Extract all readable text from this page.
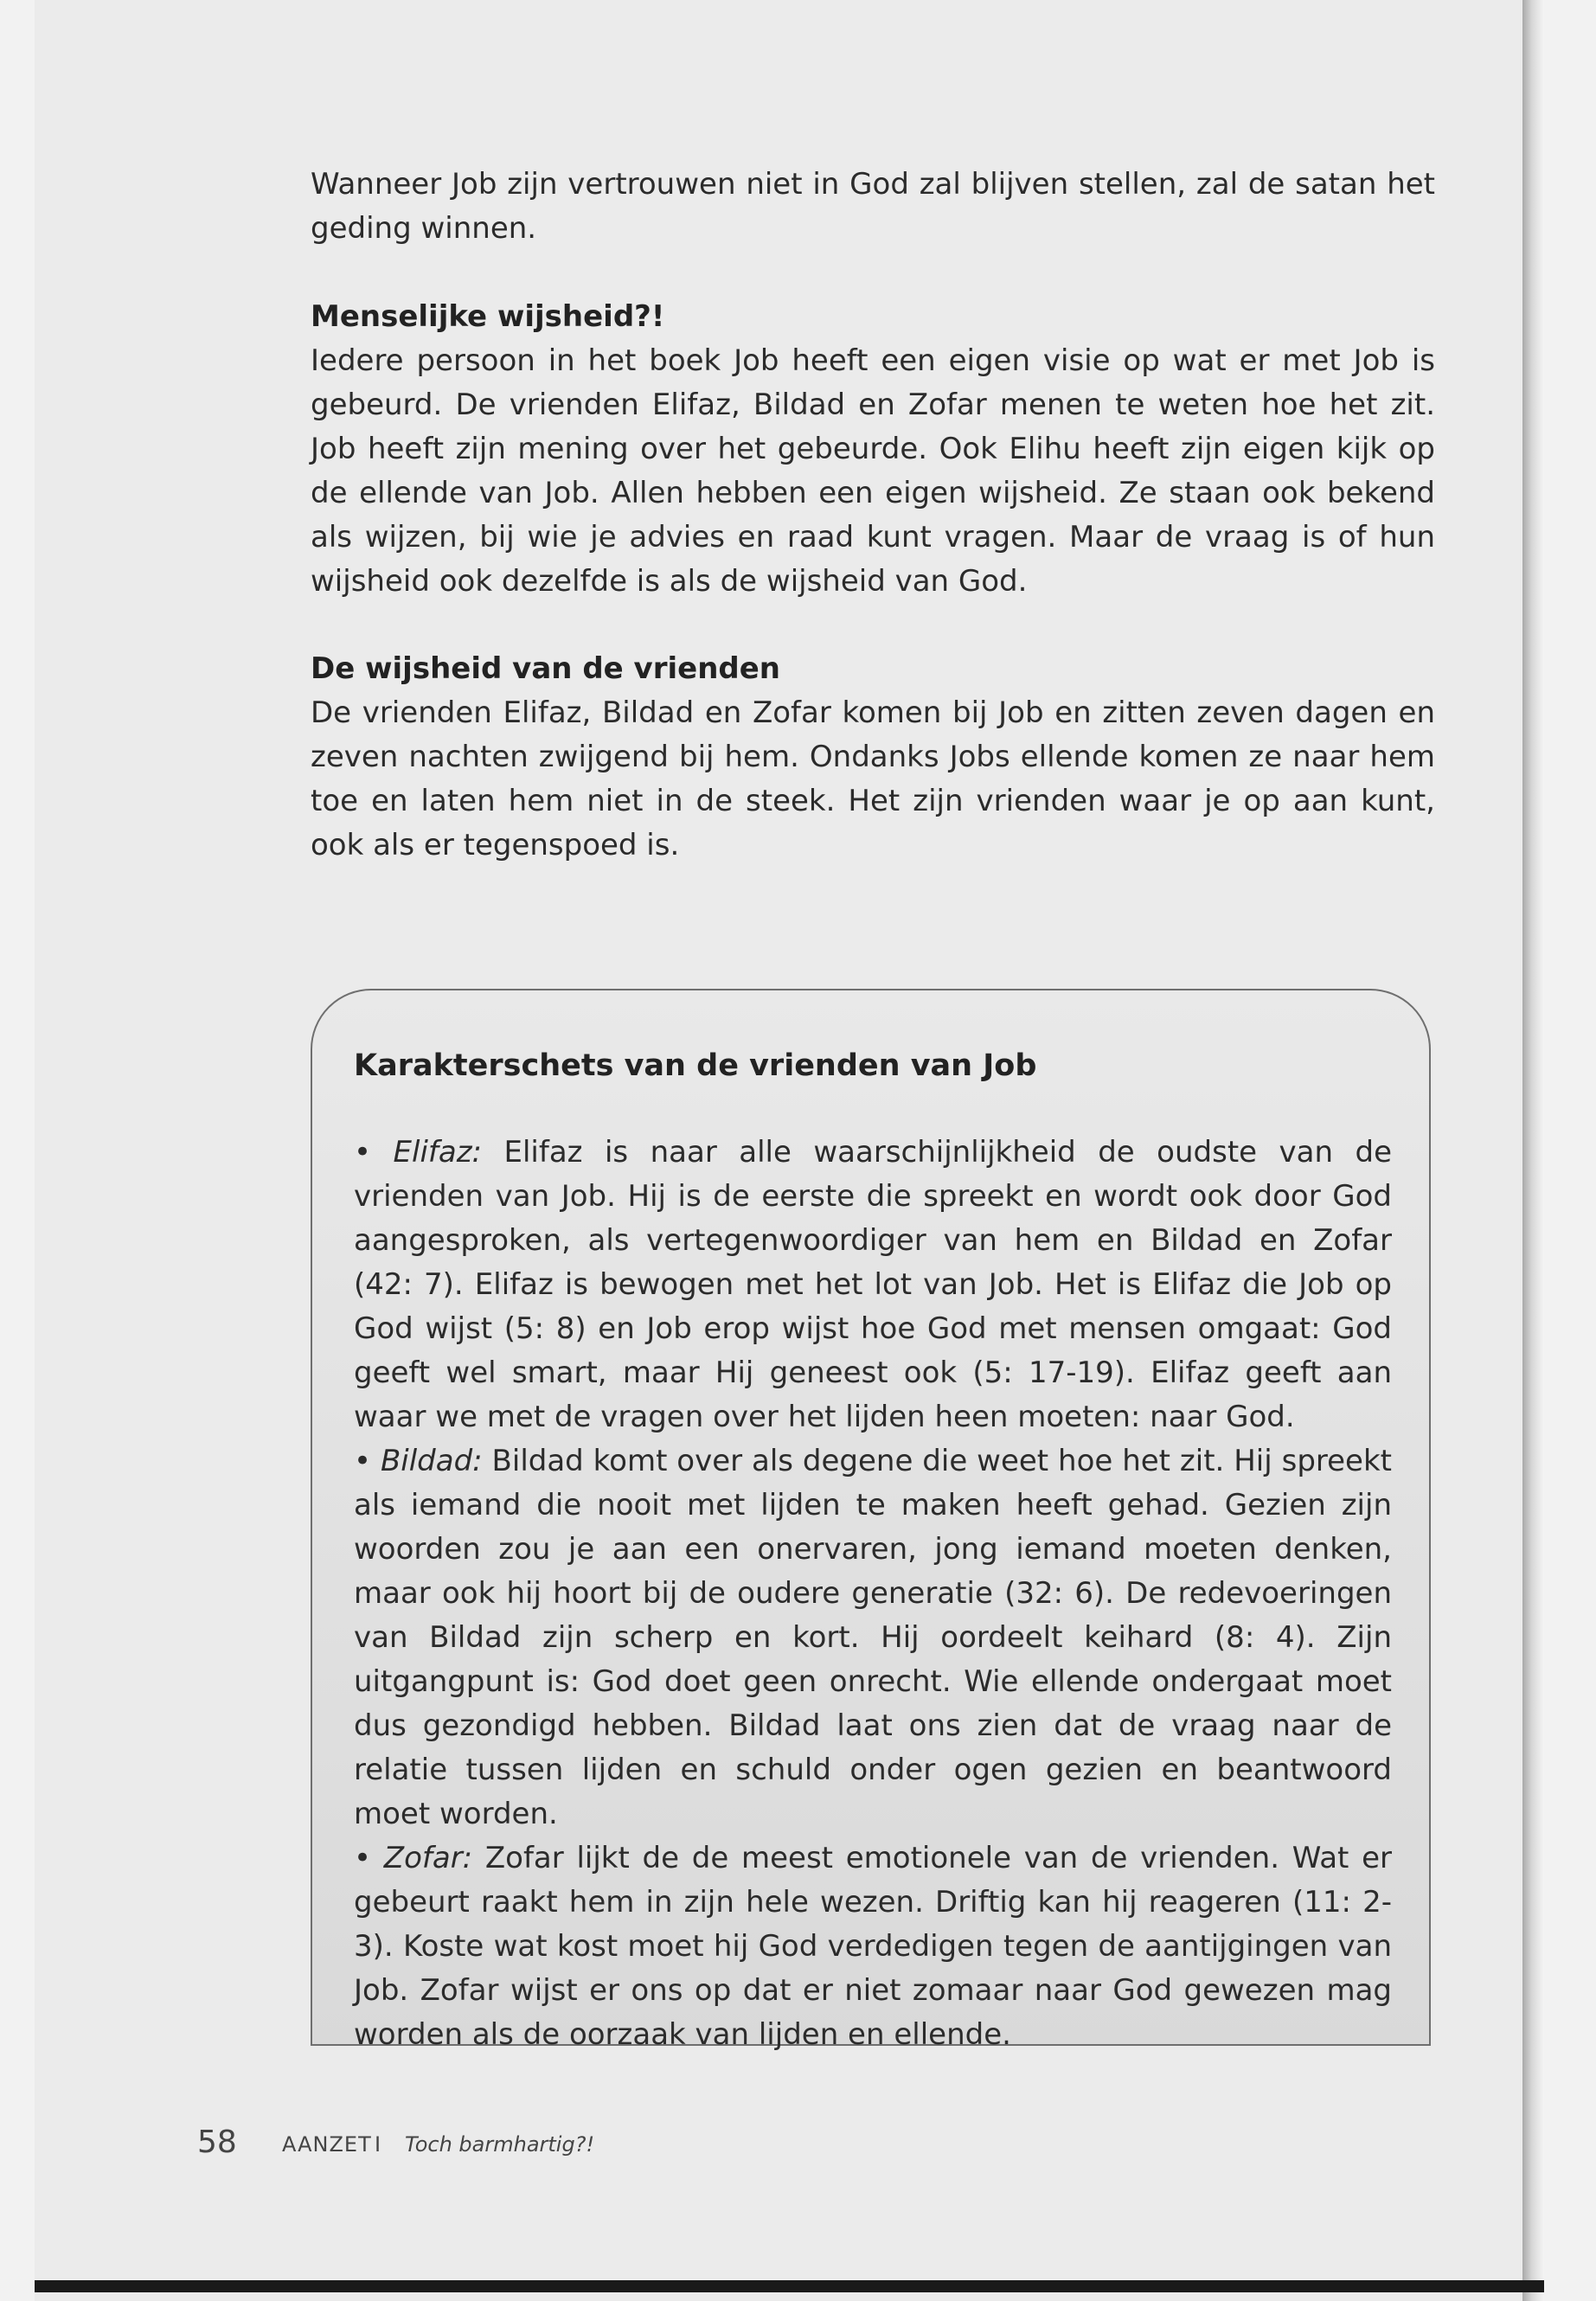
Wanneer Job zijn vertrouwen niet in God zal blijven stellen, zal de satan het geding winnen.

Menselijke wijsheid?!

Iedere persoon in het boek Job heeft een eigen visie op wat er met Job is gebeurd. De vrienden Elifaz, Bildad en Zofar menen te weten hoe het zit. Job heeft zijn mening over het gebeurde. Ook Elihu heeft zijn eigen kijk op de ellende van Job. Allen hebben een eigen wijsheid. Ze staan ook bekend als wijzen, bij wie je advies en raad kunt vragen. Maar de vraag is of hun wijsheid ook dezelfde is als de wijsheid van God.

De wijsheid van de vrienden

De vrienden Elifaz, Bildad en Zofar komen bij Job en zitten zeven dagen en zeven nachten zwijgend bij hem. Ondanks Jobs ellende komen ze naar hem toe en laten hem niet in de steek. Het zijn vrienden waar je op aan kunt, ook als er tegenspoed is.

Karakterschets van de vrienden van Job

• Elifaz: Elifaz is naar alle waarschijnlijkheid de oudste van de vrienden van Job. Hij is de eerste die spreekt en wordt ook door God aangesproken, als vertegenwoordiger van hem en Bildad en Zofar (42: 7). Elifaz is bewogen met het lot van Job. Het is Elifaz die Job op God wijst (5: 8) en Job erop wijst hoe God met mensen omgaat: God geeft wel smart, maar Hij geneest ook (5: 17-19). Elifaz geeft aan waar we met de vragen over het lijden heen moeten: naar God.

• Bildad: Bildad komt over als degene die weet hoe het zit. Hij spreekt als iemand die nooit met lijden te maken heeft gehad. Gezien zijn woorden zou je aan een onervaren, jong iemand moeten denken, maar ook hij hoort bij de oudere generatie (32: 6). De redevoeringen van Bildad zijn scherp en kort. Hij oordeelt keihard (8: 4). Zijn uitgangpunt is: God doet geen onrecht. Wie ellende ondergaat moet dus gezondigd hebben. Bildad laat ons zien dat de vraag naar de relatie tussen lijden en schuld onder ogen gezien en beantwoord moet worden.

• Zofar: Zofar lijkt de de meest emotionele van de vrienden. Wat er gebeurt raakt hem in zijn hele wezen. Driftig kan hij reageren (11: 2-3). Koste wat kost moet hij God verdedigen tegen de aantijgingen van Job. Zofar wijst er ons op dat er niet zomaar naar God gewezen mag worden als de oorzaak van lijden en ellende.

58 AANZET I Toch barmhartig?!
